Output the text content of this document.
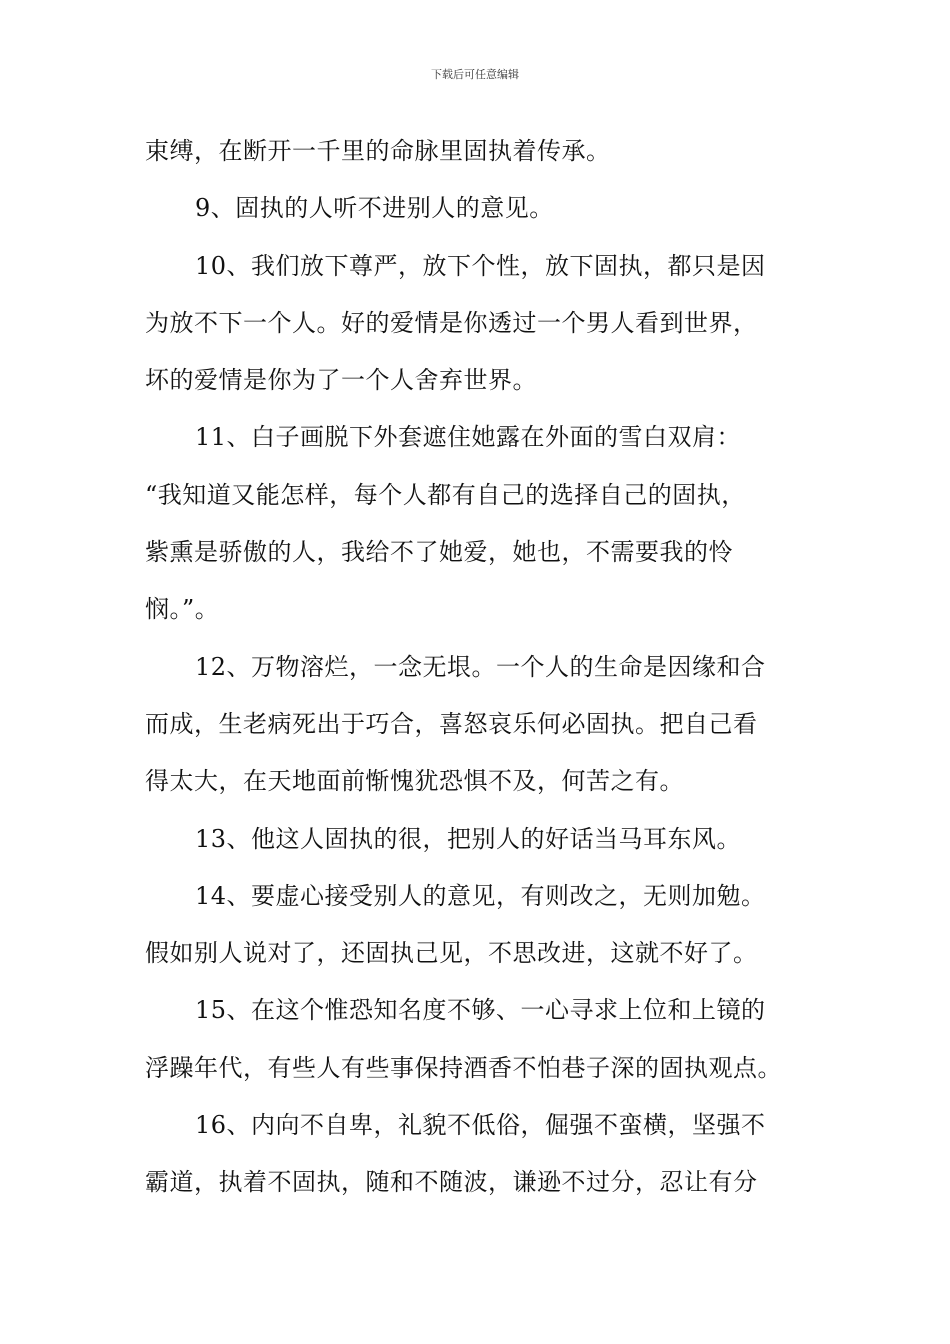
下载后可任意编辑
束缚，在断开一千里的命脉里固执着传承。
9、固执的人听不进别人的意见。
10、我们放下尊严，放下个性，放下固执，都只是因
为放不下一个人。好的爱情是你透过一个男人看到世界，
坏的爱情是你为了一个人舍弃世界。
11、白子画脱下外套遮住她露在外面的雪白双肩：
“我知道又能怎样，每个人都有自己的选择自己的固执，
紫熏是骄傲的人，我给不了她爱，她也，不需要我的怜
悯。”。
12、万物溶烂，一念无垠。一个人的生命是因缘和合
而成，生老病死出于巧合，喜怒哀乐何必固执。把自己看
得太大，在天地面前惭愧犹恐惧不及，何苦之有。
13、他这人固执的很，把别人的好话当马耳东风。
14、要虚心接受别人的意见，有则改之，无则加勉。
假如别人说对了，还固执己见，不思改进，这就不好了。
15、在这个惟恐知名度不够、一心寻求上位和上镜的
浮躁年代，有些人有些事保持酒香不怕巷子深的固执观点。
16、内向不自卑，礼貌不低俗，倔强不蛮横，坚强不
霸道，执着不固执，随和不随波，谦逊不过分，忍让有分
